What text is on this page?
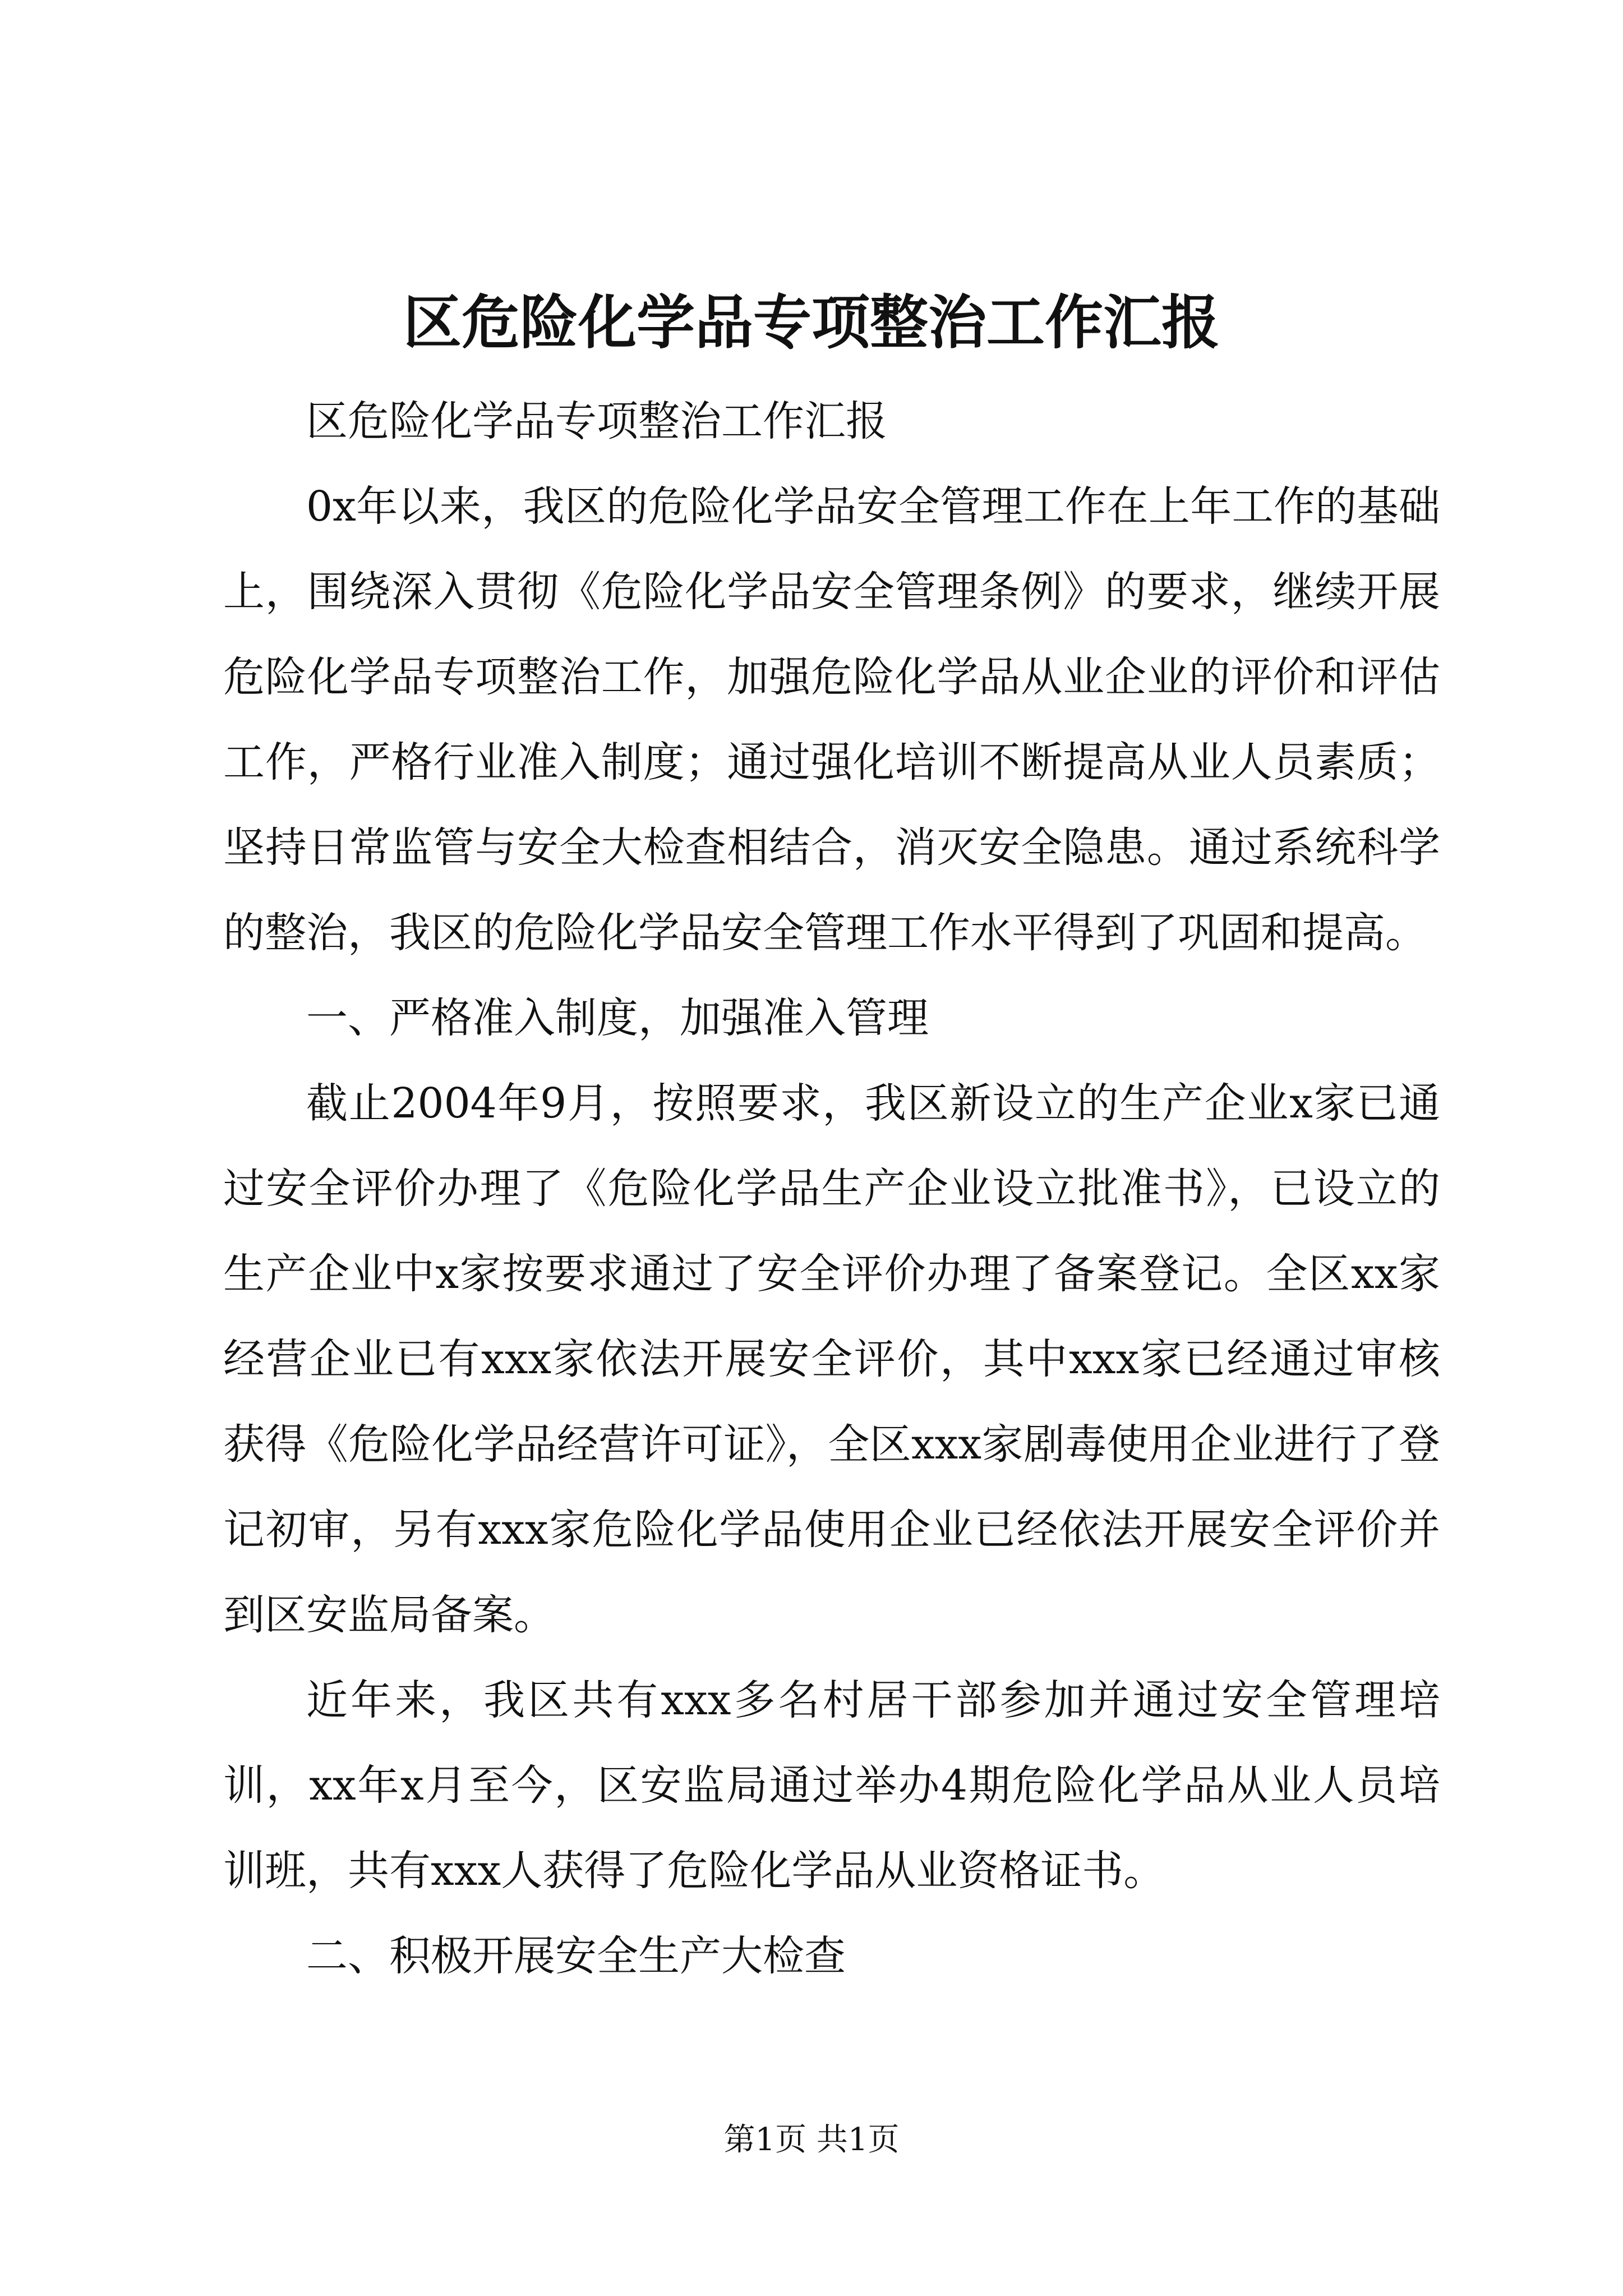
区危险化学品专项整治工作汇报

区危险化学品专项整治工作汇报

0x年以来，我区的危险化学品安全管理工作在上年工作的基础上，围绕深入贯彻《危险化学品安全管理条例》的要求，继续开展危险化学品专项整治工作，加强危险化学品从业企业的评价和评估工作，严格行业准入制度；通过强化培训不断提高从业人员素质；坚持日常监管与安全大检查相结合，消灭安全隐患。通过系统科学的整治，我区的危险化学品安全管理工作水平得到了巩固和提高。

一、严格准入制度，加强准入管理

截止2004年9月，按照要求，我区新设立的生产企业x家已通过安全评价办理了《危险化学品生产企业设立批准书》，已设立的生产企业中x家按要求通过了安全评价办理了备案登记。全区xx家经营企业已有xxx家依法开展安全评价，其中xxx家已经通过审核获得《危险化学品经营许可证》，全区xxx家剧毒使用企业进行了登记初审，另有xxx家危险化学品使用企业已经依法开展安全评价并到区安监局备案。

近年来，我区共有xxx多名村居干部参加并通过安全管理培训，xx年x月至今，区安监局通过举办4期危险化学品从业人员培训班，共有xxx人获得了危险化学品从业资格证书。

二、积极开展安全生产大检查

第1页 共1页
